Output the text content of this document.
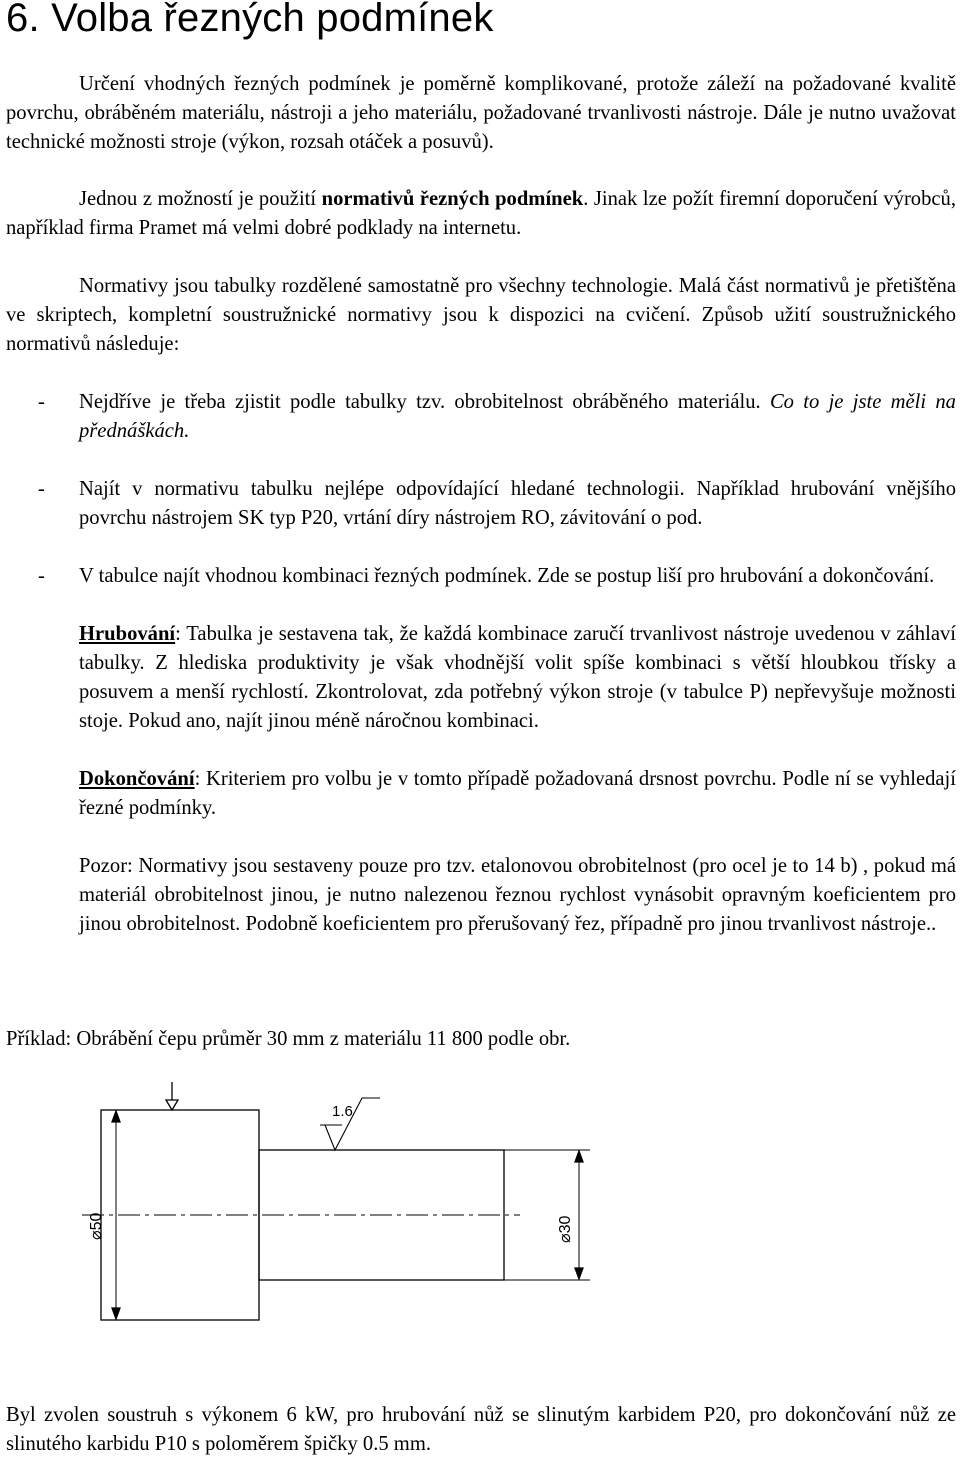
6. Volba řezných podmínek
Určení vhodných řezných podmínek je poměrně komplikované, protože záleží na požadované kvalitě povrchu, obráběném materiálu, nástroji a jeho materiálu, požadované trvanlivosti nástroje. Dále je nutno uvažovat technické možnosti stroje (výkon, rozsah otáček a posuvů).
Jednou z možností je použití normativů řezných podmínek. Jinak lze požít firemní doporučení výrobců, například firma Pramet má velmi dobré podklady na internetu.
Normativy jsou tabulky rozdělené samostatně pro všechny technologie. Malá část normativů je přetištěna ve skriptech, kompletní soustružnické normativy jsou k dispozici na cvičení. Způsob užití soustružnického normativů následuje:
- Nejdříve je třeba zjistit podle tabulky tzv. obrobitelnost obráběného materiálu. Co to je jste měli na přednáškách.
- Najít v normativu tabulku nejlépe odpovídající hledané technologii. Například hrubování vnějšího povrchu nástrojem SK typ P20, vrtání díry nástrojem RO, závitování o pod.
- V tabulce najít vhodnou kombinaci řezných podmínek. Zde se postup liší pro hrubování a dokončování.
Hrubování: Tabulka je sestavena tak, že každá kombinace zaručí trvanlivost nástroje uvedenou v záhlaví tabulky. Z hlediska produktivity je však vhodnější volit spíše kombinaci s větší hloubkou třísky a posuvem a menší rychlostí. Zkontrolovat, zda potřebný výkon stroje (v tabulce P) nepřevyšuje možnosti stoje. Pokud ano, najít jinou méně náročnou kombinaci.
Dokončování: Kriteriem pro volbu je v tomto případě požadovaná drsnost povrchu. Podle ní se vyhledají řezné podmínky.
Pozor: Normativy jsou sestaveny pouze pro tzv. etalonovou obrobitelnost (pro ocel je to 14 b) , pokud má materiál obrobitelnost jinou, je nutno nalezenou řeznou rychlost vynásobit opravným koeficientem pro jinou obrobitelnost. Podobně koeficientem pro přerušovaný řez, případně pro jinou trvanlivost nástroje..
Příklad: Obrábění čepu průměr 30 mm z materiálu 11 800 podle obr.
1.6
⌀50	⌀30
Byl zvolen soustruh s výkonem 6 kW, pro hrubování nůž se slinutým karbidem P20, pro dokončování nůž ze slinutého karbidu P10 s poloměrem špičky 0.5 mm.
